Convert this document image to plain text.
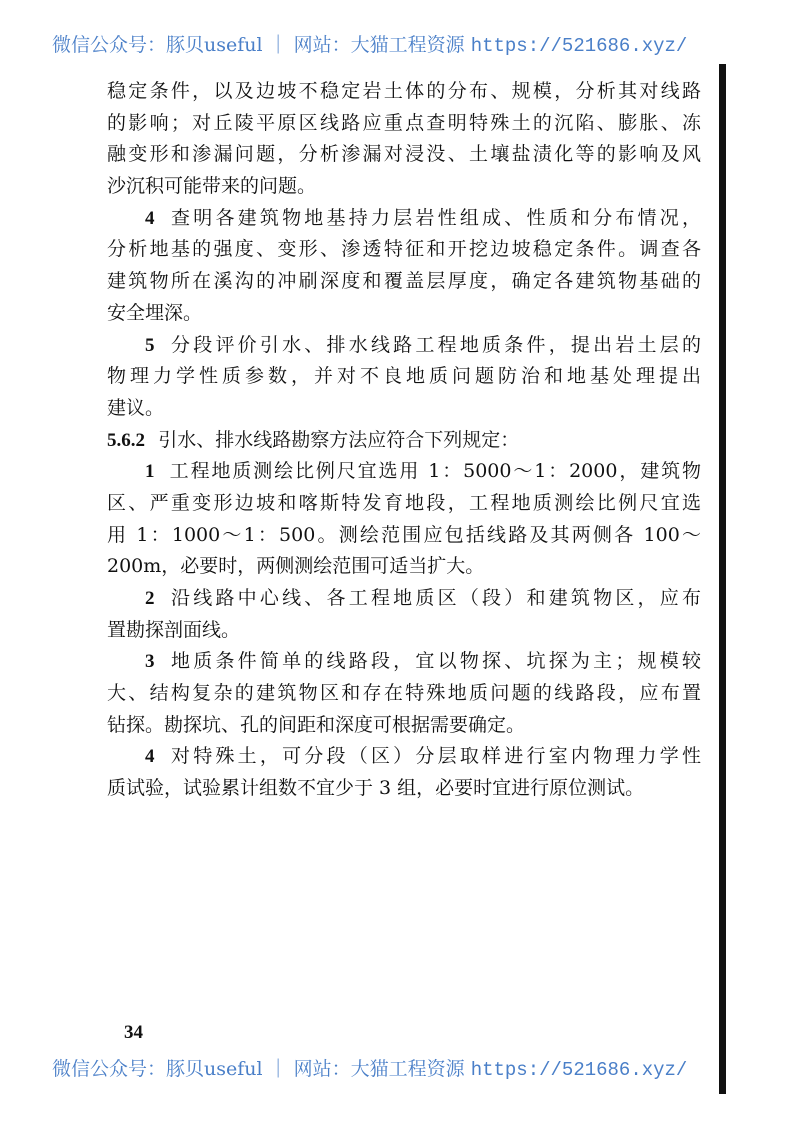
微信公众号：豚贝useful ｜ 网站：大猫工程资源 https://521686.xyz/
稳定条件，以及边坡不稳定岩土体的分布、规模，分析其对线路
的影响；对丘陵平原区线路应重点查明特殊土的沉陷、膨胀、冻
融变形和渗漏问题，分析渗漏对浸没、土壤盐渍化等的影响及风
沙沉积可能带来的问题。
4 查明各建筑物地基持力层岩性组成、性质和分布情况，
分析地基的强度、变形、渗透特征和开挖边坡稳定条件。调查各
建筑物所在溪沟的冲刷深度和覆盖层厚度，确定各建筑物基础的
安全埋深。
5 分段评价引水、排水线路工程地质条件，提出岩土层的
物理力学性质参数，并对不良地质问题防治和地基处理提出
建议。
5.6.2 引水、排水线路勘察方法应符合下列规定：
1 工程地质测绘比例尺宜选用 1：5000～1：2000，建筑物
区、严重变形边坡和喀斯特发育地段，工程地质测绘比例尺宜选
用 1：1000～1：500。测绘范围应包括线路及其两侧各 100～
200m，必要时，两侧测绘范围可适当扩大。
2 沿线路中心线、各工程地质区（段）和建筑物区，应布
置勘探剖面线。
3 地质条件简单的线路段，宜以物探、坑探为主；规模较
大、结构复杂的建筑物区和存在特殊地质问题的线路段，应布置
钻探。勘探坑、孔的间距和深度可根据需要确定。
4 对特殊土，可分段（区）分层取样进行室内物理力学性
质试验，试验累计组数不宜少于 3 组，必要时宜进行原位测试。
34
微信公众号：豚贝useful ｜ 网站：大猫工程资源 https://521686.xyz/
